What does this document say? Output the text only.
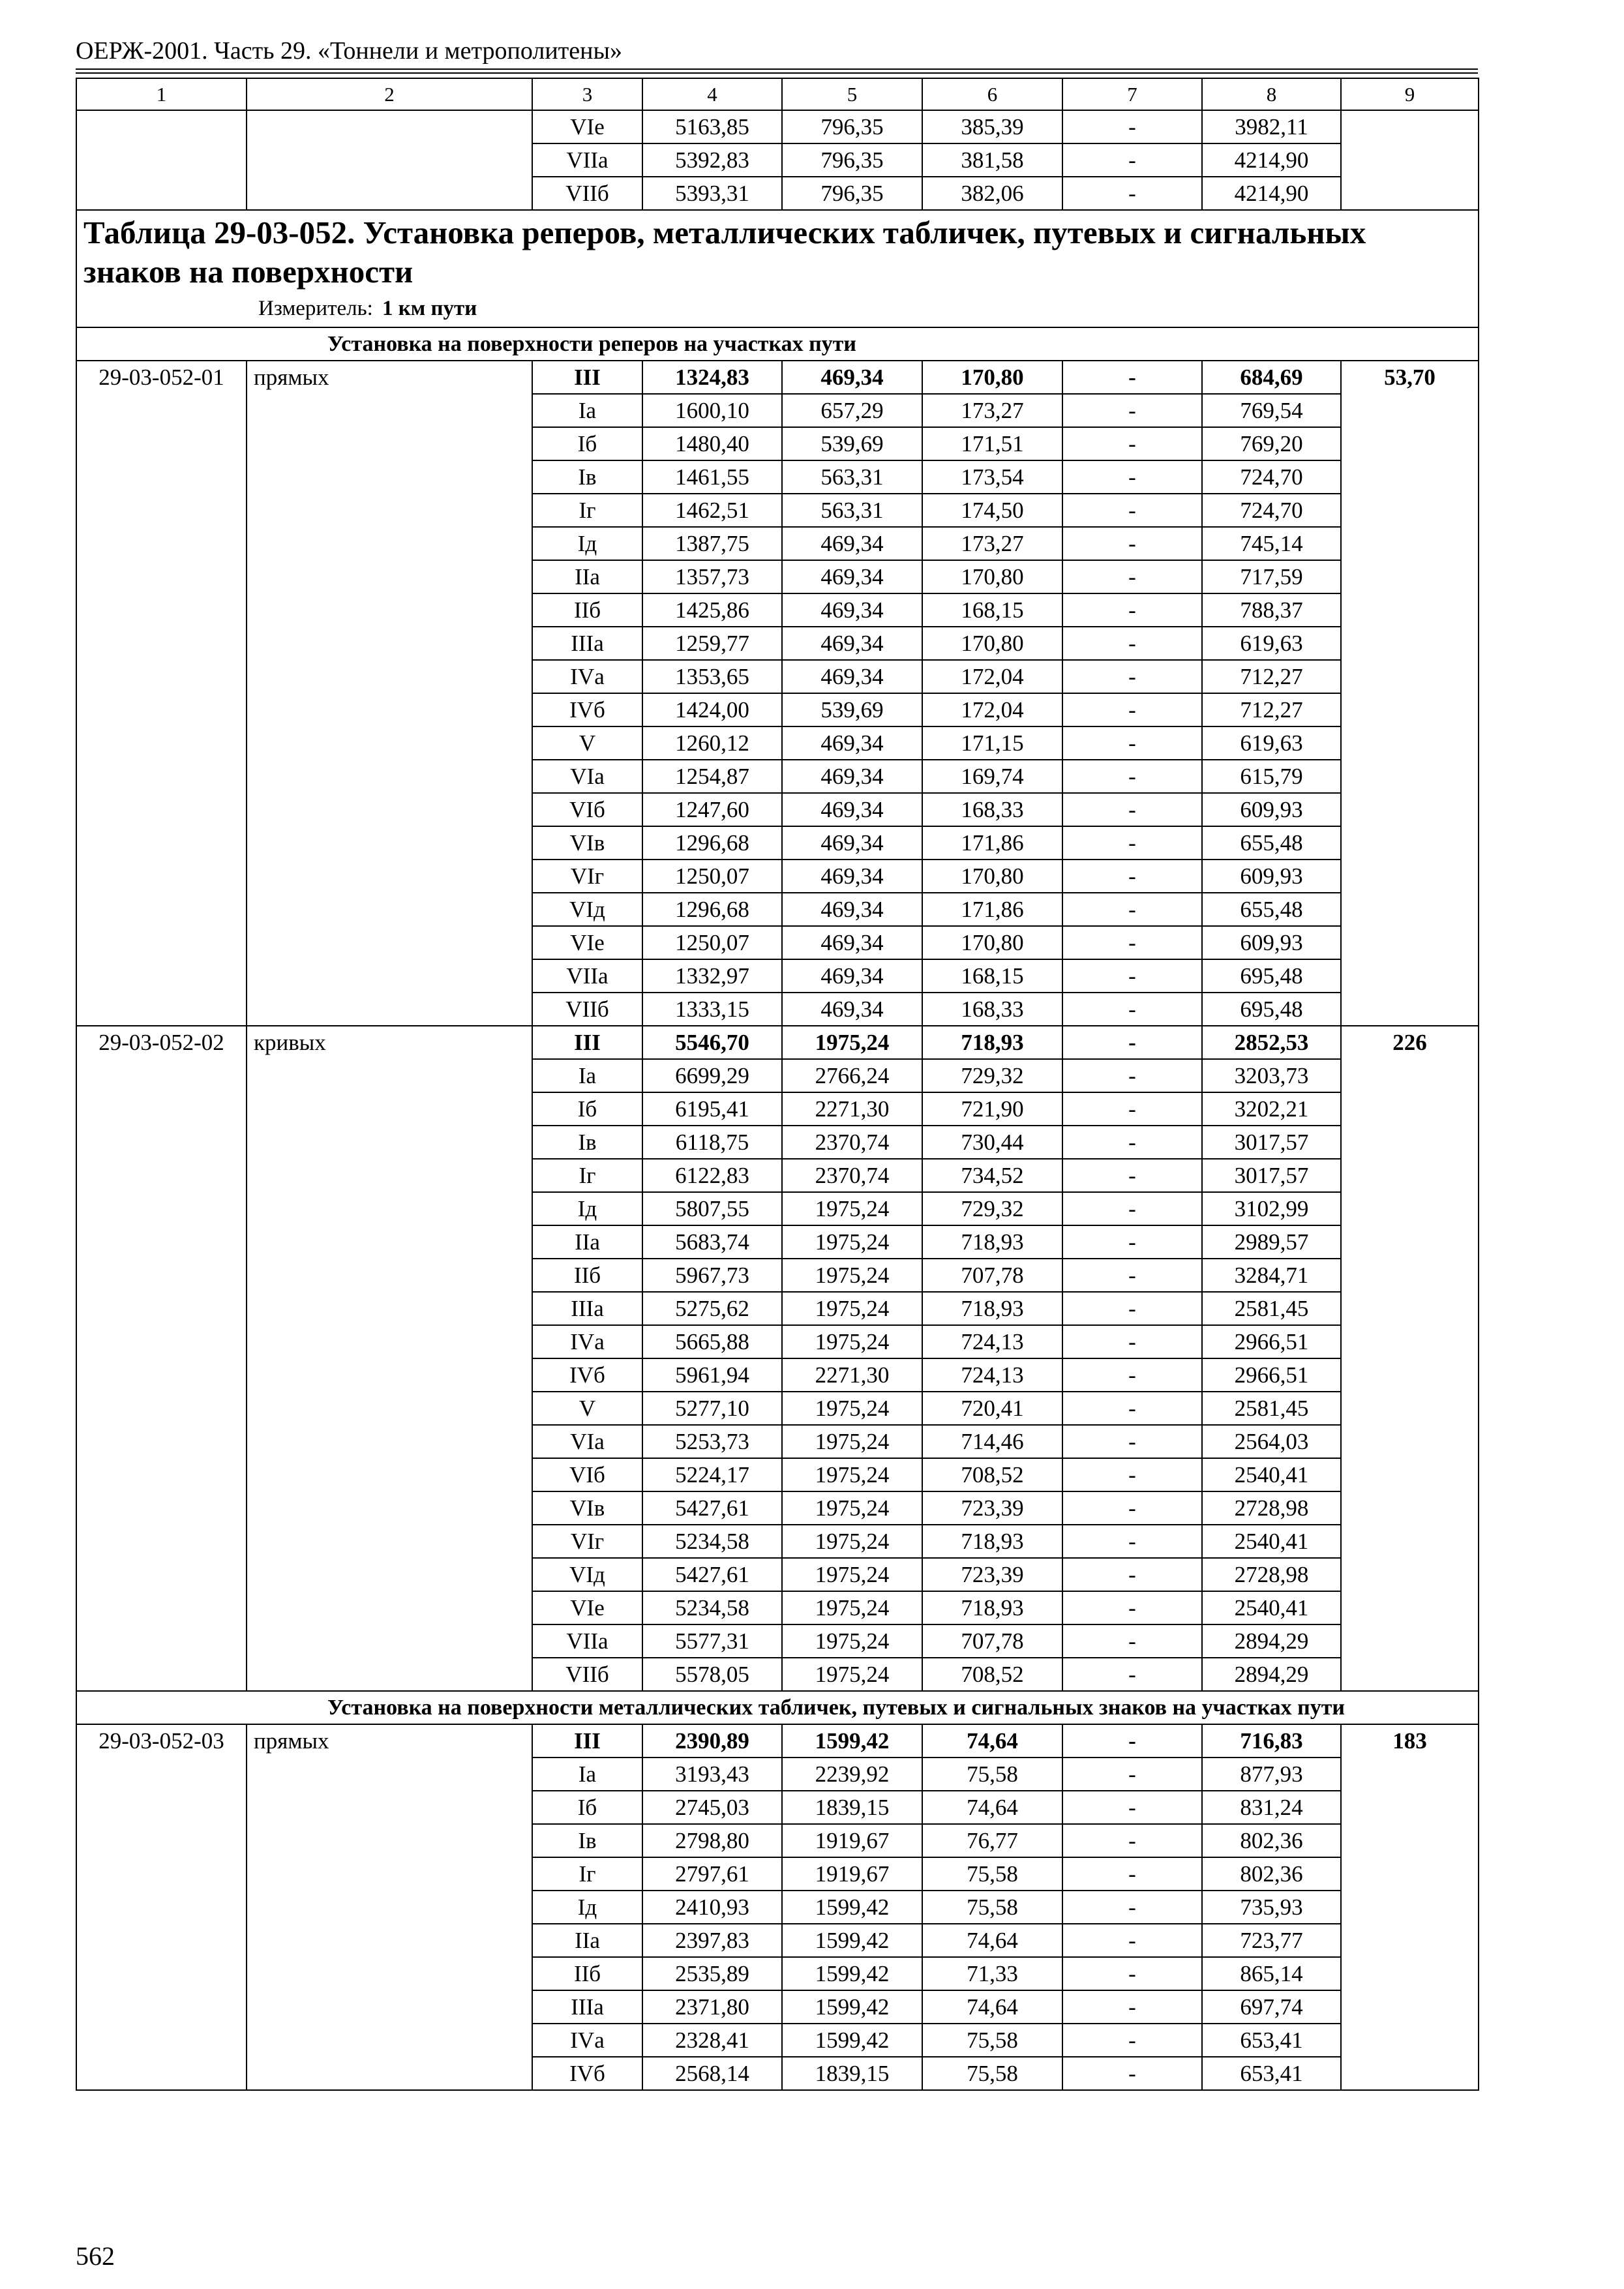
ОЕРЖ-2001. Часть 29. «Тоннели и метрополитены»
1	2	3	4	5	6	7	8	9
		VIе	5163,85	796,35	385,39	-	3982,11	
		VIIа	5392,83	796,35	381,58	-	4214,90	
		VIIб	5393,31	796,35	382,06	-	4214,90	

Таблица 29-03-052. Установка реперов, металлических табличек, путевых и сигнальных знаков на поверхности
Измеритель: 1 км пути								

Установка на поверхности реперов на участках пути								
29-03-052-01	прямых	III	1324,83	469,34	170,80	-	684,69	53,70
		Iа	1600,10	657,29	173,27	-	769,54	
		Iб	1480,40	539,69	171,51	-	769,20	
		Iв	1461,55	563,31	173,54	-	724,70	
		Iг	1462,51	563,31	174,50	-	724,70	
		Iд	1387,75	469,34	173,27	-	745,14	
		IIа	1357,73	469,34	170,80	-	717,59	
		IIб	1425,86	469,34	168,15	-	788,37	
		IIIа	1259,77	469,34	170,80	-	619,63	
		IVа	1353,65	469,34	172,04	-	712,27	
		IVб	1424,00	539,69	172,04	-	712,27	
		V	1260,12	469,34	171,15	-	619,63	
		VIа	1254,87	469,34	169,74	-	615,79	
		VIб	1247,60	469,34	168,33	-	609,93	
		VIв	1296,68	469,34	171,86	-	655,48	
		VIг	1250,07	469,34	170,80	-	609,93	
		VIд	1296,68	469,34	171,86	-	655,48	
		VIе	1250,07	469,34	170,80	-	609,93	
		VIIа	1332,97	469,34	168,15	-	695,48	
		VIIб	1333,15	469,34	168,33	-	695,48	
29-03-052-02	кривых	III	5546,70	1975,24	718,93	-	2852,53	226
		Iа	6699,29	2766,24	729,32	-	3203,73	
		Iб	6195,41	2271,30	721,90	-	3202,21	
		Iв	6118,75	2370,74	730,44	-	3017,57	
		Iг	6122,83	2370,74	734,52	-	3017,57	
		Iд	5807,55	1975,24	729,32	-	3102,99	
		IIа	5683,74	1975,24	718,93	-	2989,57	
		IIб	5967,73	1975,24	707,78	-	3284,71	
		IIIа	5275,62	1975,24	718,93	-	2581,45	
		IVа	5665,88	1975,24	724,13	-	2966,51	
		IVб	5961,94	2271,30	724,13	-	2966,51	
		V	5277,10	1975,24	720,41	-	2581,45	
		VIа	5253,73	1975,24	714,46	-	2564,03	
		VIб	5224,17	1975,24	708,52	-	2540,41	
		VIв	5427,61	1975,24	723,39	-	2728,98	
		VIг	5234,58	1975,24	718,93	-	2540,41	
		VIд	5427,61	1975,24	723,39	-	2728,98	
		VIе	5234,58	1975,24	718,93	-	2540,41	
		VIIа	5577,31	1975,24	707,78	-	2894,29	
		VIIб	5578,05	1975,24	708,52	-	2894,29	
Установка на поверхности металлических табличек, путевых и сигнальных знаков на участках пути								
29-03-052-03	прямых	III	2390,89	1599,42	74,64	-	716,83	183
		Iа	3193,43	2239,92	75,58	-	877,93	
		Iб	2745,03	1839,15	74,64	-	831,24	
		Iв	2798,80	1919,67	76,77	-	802,36	
		Iг	2797,61	1919,67	75,58	-	802,36	
		Iд	2410,93	1599,42	75,58	-	735,93	
		IIа	2397,83	1599,42	74,64	-	723,77	
		IIб	2535,89	1599,42	71,33	-	865,14	
		IIIа	2371,80	1599,42	74,64	-	697,74	
		IVа	2328,41	1599,42	75,58	-	653,41	
		IVб	2568,14	1839,15	75,58	-	653,41	
562
